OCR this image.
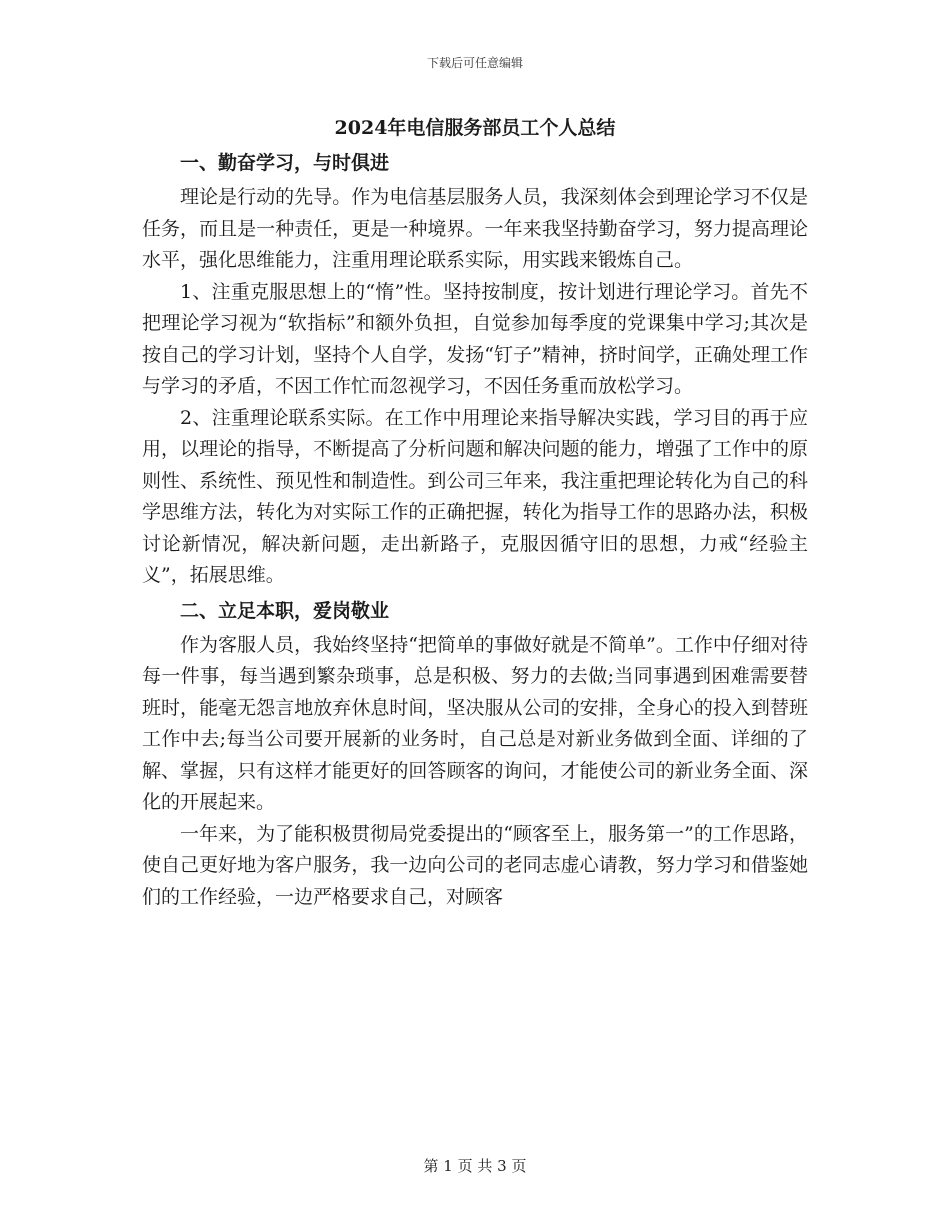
下载后可任意编辑
2024年电信服务部员工个人总结
一、勤奋学习，与时俱进

理论是行动的先导。作为电信基层服务人员，我深刻体会到理论学习不仅是任务，而且是一种责任，更是一种境界。一年来我坚持勤奋学习，努力提高理论水平，强化思维能力，注重用理论联系实际，用实践来锻炼自己。

1、注重克服思想上的“惰”性。坚持按制度，按计划进行理论学习。首先不把理论学习视为“软指标”和额外负担，自觉参加每季度的党课集中学习;其次是按自己的学习计划，坚持个人自学，发扬“钉子”精神，挤时间学，正确处理工作与学习的矛盾，不因工作忙而忽视学习，不因任务重而放松学习。

2、注重理论联系实际。在工作中用理论来指导解决实践，学习目的再于应用，以理论的指导，不断提高了分析问题和解决问题的能力，增强了工作中的原则性、系统性、预见性和制造性。到公司三年来，我注重把理论转化为自己的科学思维方法，转化为对实际工作的正确把握，转化为指导工作的思路办法，积极讨论新情况，解决新问题，走出新路子，克服因循守旧的思想，力戒“经验主义”，拓展思维。

二、立足本职，爱岗敬业

作为客服人员，我始终坚持“把简单的事做好就是不简单”。工作中仔细对待每一件事，每当遇到繁杂琐事，总是积极、努力的去做;当同事遇到困难需要替班时，能毫无怨言地放弃休息时间，坚决服从公司的安排，全身心的投入到替班工作中去;每当公司要开展新的业务时，自己总是对新业务做到全面、详细的了解、掌握，只有这样才能更好的回答顾客的询问，才能使公司的新业务全面、深化的开展起来。

一年来，为了能积极贯彻局党委提出的“顾客至上，服务第一”的工作思路，使自己更好地为客户服务，我一边向公司的老同志虚心请教，努力学习和借鉴她们的工作经验，一边严格要求自己，对顾客

第 1 页 共 3 页
